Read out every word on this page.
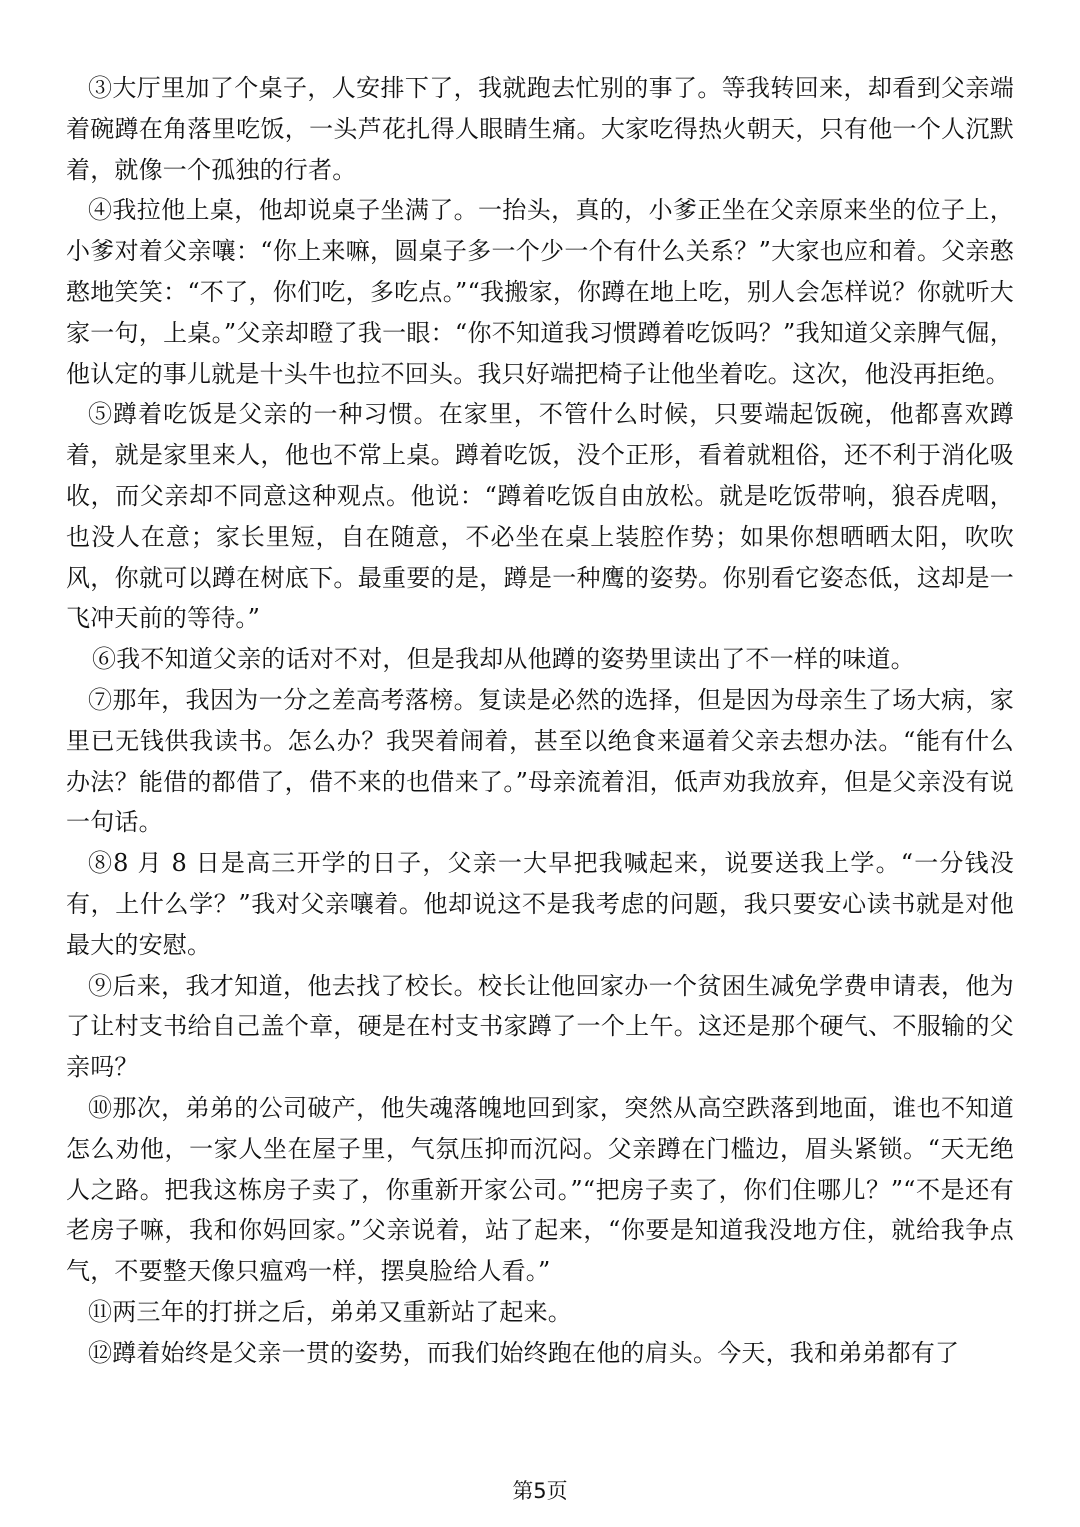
③大厅里加了个桌子，人安排下了，我就跑去忙别的事了。等我转回来，却看到父亲端着碗蹲在角落里吃饭，一头芦花扎得人眼睛生痛。大家吃得热火朝天，只有他一个人沉默着，就像一个孤独的行者。

④我拉他上桌，他却说桌子坐满了。一抬头，真的，小爹正坐在父亲原来坐的位子上，小爹对着父亲嚷：“你上来嘛，圆桌子多一个少一个有什么关系？”大家也应和着。父亲憨憨地笑笑：“不了，你们吃，多吃点。”“我搬家，你蹲在地上吃，别人会怎样说？你就听大家一句，上桌。”父亲却瞪了我一眼：“你不知道我习惯蹲着吃饭吗？”我知道父亲脾气倔，他认定的事儿就是十头牛也拉不回头。我只好端把椅子让他坐着吃。这次，他没再拒绝。

⑤蹲着吃饭是父亲的一种习惯。在家里，不管什么时候，只要端起饭碗，他都喜欢蹲着，就是家里来人，他也不常上桌。蹲着吃饭，没个正形，看着就粗俗，还不利于消化吸收，而父亲却不同意这种观点。他说：“蹲着吃饭自由放松。就是吃饭带响，狼吞虎咽，也没人在意；家长里短，自在随意，不必坐在桌上装腔作势；如果你想晒晒太阳，吹吹风，你就可以蹲在树底下。最重要的是，蹲是一种鹰的姿势。你别看它姿态低，这却是一飞冲天前的等待。”

⑥我不知道父亲的话对不对，但是我却从他蹲的姿势里读出了不一样的味道。

⑦那年，我因为一分之差高考落榜。复读是必然的选择，但是因为母亲生了场大病，家里已无钱供我读书。怎么办？我哭着闹着，甚至以绝食来逼着父亲去想办法。“能有什么办法？能借的都借了，借不来的也借来了。”母亲流着泪，低声劝我放弃，但是父亲没有说一句话。

⑧8 月 8 日是高三开学的日子，父亲一大早把我喊起来，说要送我上学。“一分钱没有，上什么学？”我对父亲嚷着。他却说这不是我考虑的问题，我只要安心读书就是对他最大的安慰。

⑨后来，我才知道，他去找了校长。校长让他回家办一个贫困生减免学费申请表，他为了让村支书给自己盖个章，硬是在村支书家蹲了一个上午。这还是那个硬气、不服输的父亲吗？

⑩那次，弟弟的公司破产，他失魂落魄地回到家，突然从高空跌落到地面，谁也不知道怎么劝他，一家人坐在屋子里，气氛压抑而沉闷。父亲蹲在门槛边，眉头紧锁。“天无绝人之路。把我这栋房子卖了，你重新开家公司。”“把房子卖了，你们住哪儿？”“不是还有老房子嘛，我和你妈回家。”父亲说着，站了起来，“你要是知道我没地方住，就给我争点气，不要整天像只瘟鸡一样，摆臭脸给人看。”

⑪两三年的打拼之后，弟弟又重新站了起来。

⑫蹲着始终是父亲一贯的姿势，而我们始终跑在他的肩头。今天，我和弟弟都有了

第5页
